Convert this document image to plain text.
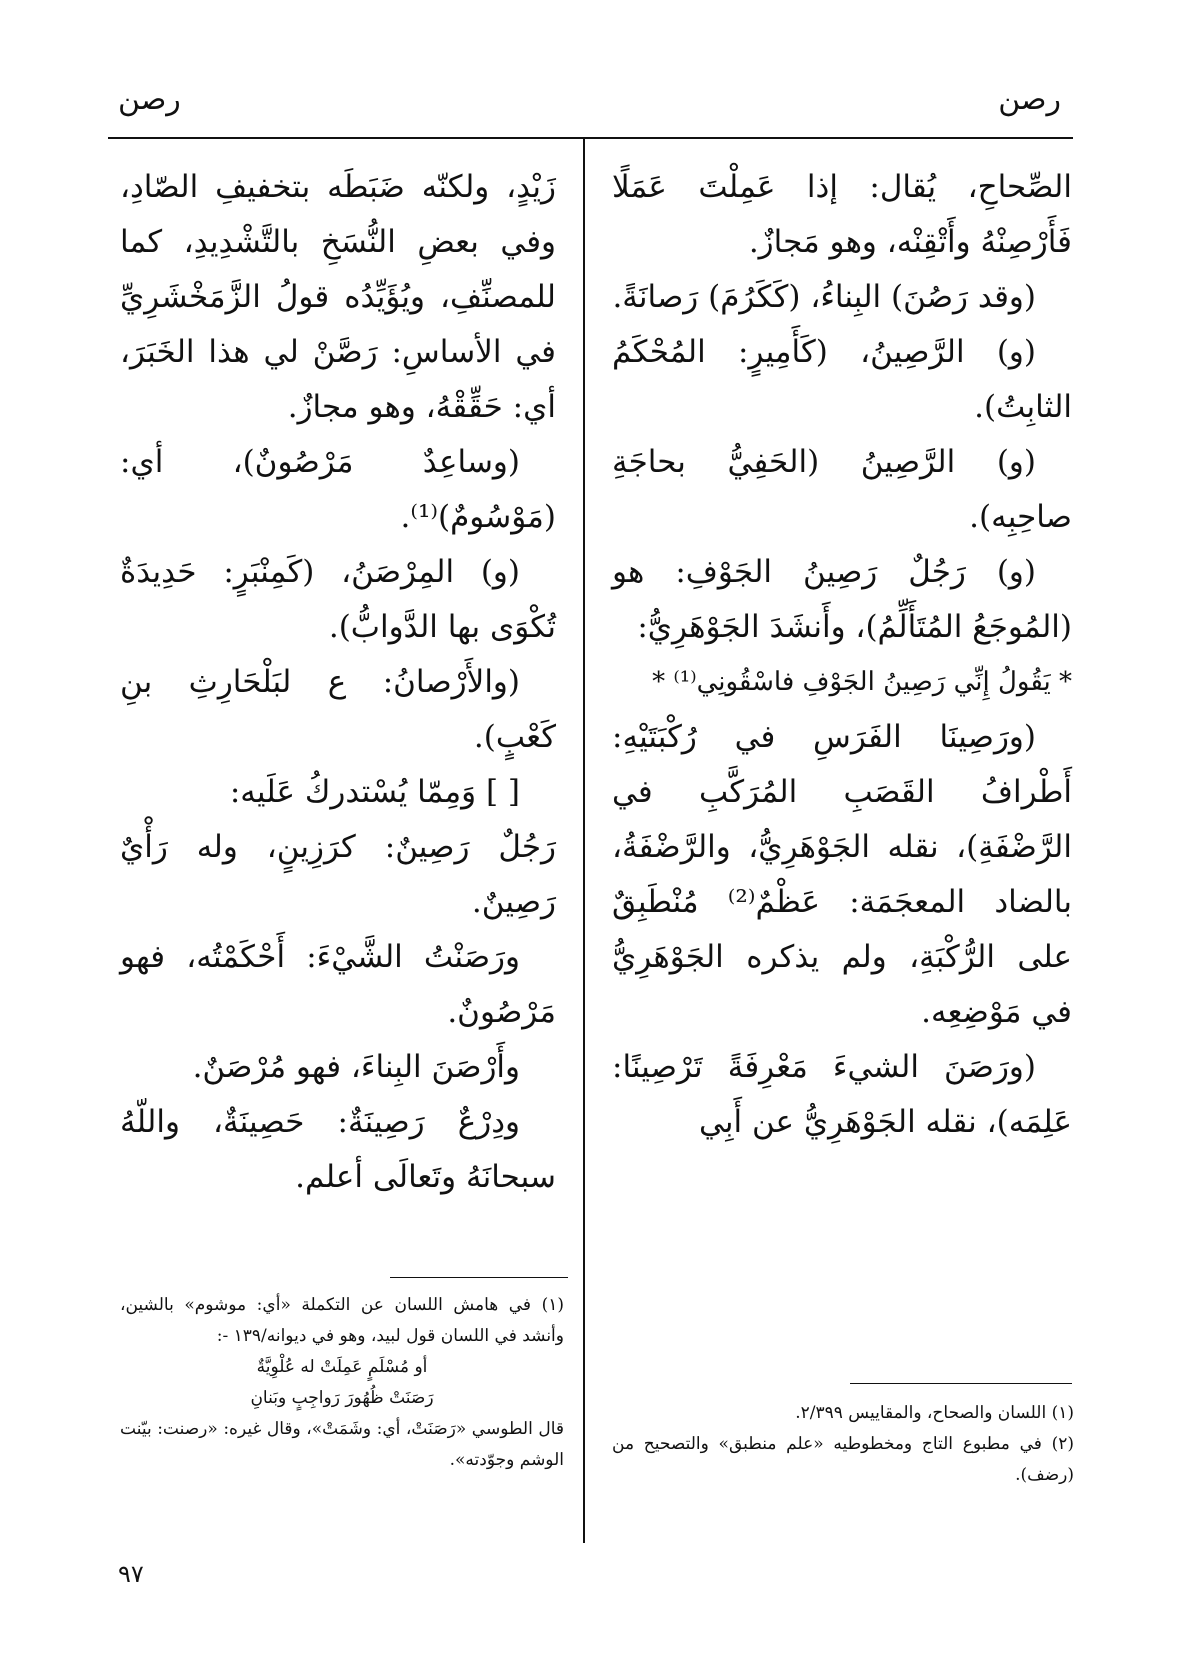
رصن
رصن

الصِّحاحِ، يُقال: إذا عَمِلْتَ عَمَلًا فَأَرْصِنْهُ وأَتْقِنْه، وهو مَجازٌ.

(وقد رَصُنَ) البِناءُ، (كَكَرُمَ) رَصانَةً.

(و) الرَّصِينُ، (كَأَمِيرٍ: المُحْكَمُ الثابِتُ).

(و) الرَّصِينُ (الحَفِيُّ بحاجَةِ صاحِبِه).

(و) رَجُلٌ رَصِينُ الجَوْفِ: هو (المُوجَعُ المُتَأَلِّمُ)، وأَنشَدَ الجَوْهَرِيُّ:

* يَقُولُ إِنِّي رَصِينُ الجَوْفِ فاسْقُونِي⁽¹⁾ *

(ورَصِينَا الفَرَسِ في رُكْبَتَيْهِ: أَطْرافُ القَصَبِ المُرَكَّبِ في الرَّضْفَةِ)، نقله الجَوْهَرِيُّ، والرَّضْفَةُ، بالضاد المعجَمَة: عَظْمٌ⁽²⁾ مُنْطَبِقٌ على الرُّكْبَةِ، ولم يذكره الجَوْهَرِيُّ في مَوْضِعِه.

(ورَصَنَ الشيءَ مَعْرِفَةً تَرْصِينًا: عَلِمَه)، نقله الجَوْهَرِيُّ عن أَبِي

زَيْدٍ، ولكنّه ضَبَطَه بتخفيفِ الصّادِ، وفي بعضِ النُّسَخِ بالتَّشْدِيدِ، كما للمصنِّفِ، ويُؤَيِّدُه قولُ الزَّمَخْشَرِيِّ في الأساسِ: رَصَّنْ لي هذا الخَبَرَ، أي: حَقِّقْهُ، وهو مجازٌ.

(وساعِدٌ مَرْصُونٌ)، أي: (مَوْسُومٌ)⁽¹⁾.

(و) المِرْصَنُ، (كَمِنْبَرٍ: حَدِيدَةٌ تُكْوَى بها الدَّوابُّ).

(والأَرْصانُ: ع لبَلْحَارِثِ بنِ كَعْبٍ).

[ ] وَمِمّا يُسْتدركُ عَلَيه:

رَجُلٌ رَصِينٌ: كرَزِينٍ، وله رَأْيٌ رَصِينٌ.

ورَصَنْتُ الشَّيْءَ: أَحْكَمْتُه، فهو مَرْصُونٌ.

وأَرْصَنَ البِناءَ، فهو مُرْصَنٌ.

ودِرْعٌ رَصِينَةٌ: حَصِينَةٌ، واللّهُ سبحانَهُ وتَعالَى أعلم.

(١) في هامش اللسان عن التكملة «أي: موشوم» بالشين، وأنشد في اللسان قول لبيد، وهو في ديوانه/١٣٩ -:

أو مُسْلَمٍ عَمِلَتْ له عُلْوِيَّةٌ

رَصَنَتْ ظُهُورَ رَواجِبٍ وبَنانِ

قال الطوسي «رَصَنَتْ، أي: وشَمَتْ»، وقال غيره: «رصنت: بيّنت الوشم وجوّدته».

(١) اللسان والصحاح، والمقاييس ٢/٣٩٩.

(٢) في مطبوع التاج ومخطوطيه «علم منطبق» والتصحيح من (رضف).

٩٧
